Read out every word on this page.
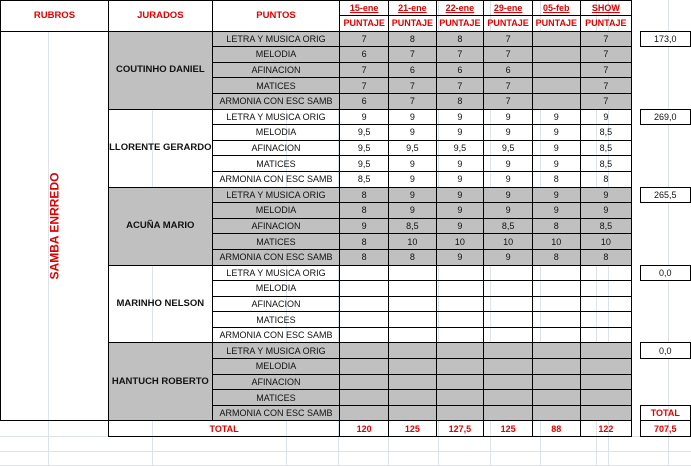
RUBROS	JURADOS	PUNTOS	15-ene	21-ene	22-ene	29-ene	05-feb	SHOW		
			PUNTAJE	PUNTAJE	PUNTAJE	PUNTAJE	PUNTAJE	PUNTAJE		
SAMBA ENRREDO	COUTINHO DANIEL	LETRA Y MUSICA ORIG	7	8	8	7		7		173,0
		MELODIA	6	7	7	7		7		
		AFINACION	7	6	6	6		7		
		MATICES	7	7	7	7		7		
		ARMONIA CON ESC SAMB	6	7	8	7		7		
	LLORENTE GERARDO	LETRA Y MUSICA ORIG	9	9	9	9	9	9		269,0
		MELODIA	9,5	9	9	9	9	8,5		
		AFINACION	9,5	9,5	9,5	9,5	9	8,5		
		MATICES	9,5	9	9	9	9	8,5		
		ARMONIA CON ESC SAMB	8,5	9	9	9	8	8		
	ACUÑA MARIO	LETRA Y MUSICA ORIG	8	9	9	9	9	9		265,5
		MELODIA	8	9	9	9	9	9		
		AFINACION	9	8,5	9	8,5	8	8,5		
		MATICES	8	10	10	10	10	10		
		ARMONIA CON ESC SAMB	8	8	9	9	8	8		
	MARINHO NELSON	LETRA Y MUSICA ORIG								0,0
		MELODIA								
		AFINACION								
		MATICES								
		ARMONIA CON ESC SAMB								
	HANTUCH ROBERTO	LETRA Y MUSICA ORIG								0,0
		MELODIA								
		AFINACION								
		MATICES								
		ARMONIA CON ESC SAMB								TOTAL
	TOTAL		120	125	127,5	125	88	122		707,5
